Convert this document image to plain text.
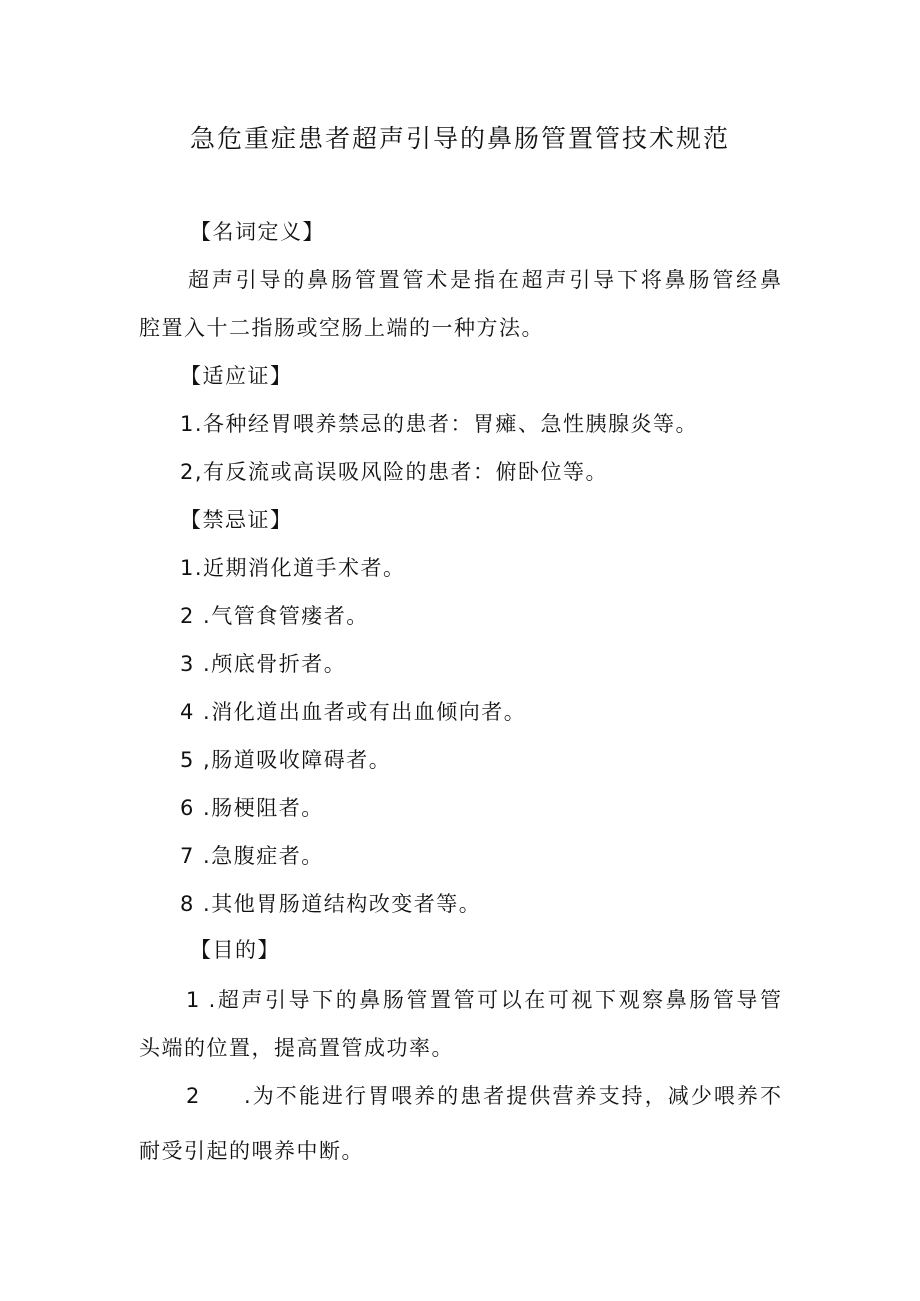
急危重症患者超声引导的鼻肠管置管技术规范
【名词定义】
超声引导的鼻肠管置管术是指在超声引导下将鼻肠管经鼻
腔置入十二指肠或空肠上端的一种方法。
【适应证】
1.各种经胃喂养禁忌的患者：胃瘫、急性胰腺炎等。
2,有反流或高误吸风险的患者：俯卧位等。
【禁忌证】
1.近期消化道手术者。
2 .气管食管瘘者。
3 .颅底骨折者。
4 .消化道出血者或有出血倾向者。
5 ,肠道吸收障碍者。
6 .肠梗阻者。
7 .急腹症者。
8 .其他胃肠道结构改变者等。
【目的】
1 .超声引导下的鼻肠管置管可以在可视下观察鼻肠管导管
头端的位置，提高置管成功率。
2 .为不能进行胃喂养的患者提供营养支持，减少喂养不
耐受引起的喂养中断。
